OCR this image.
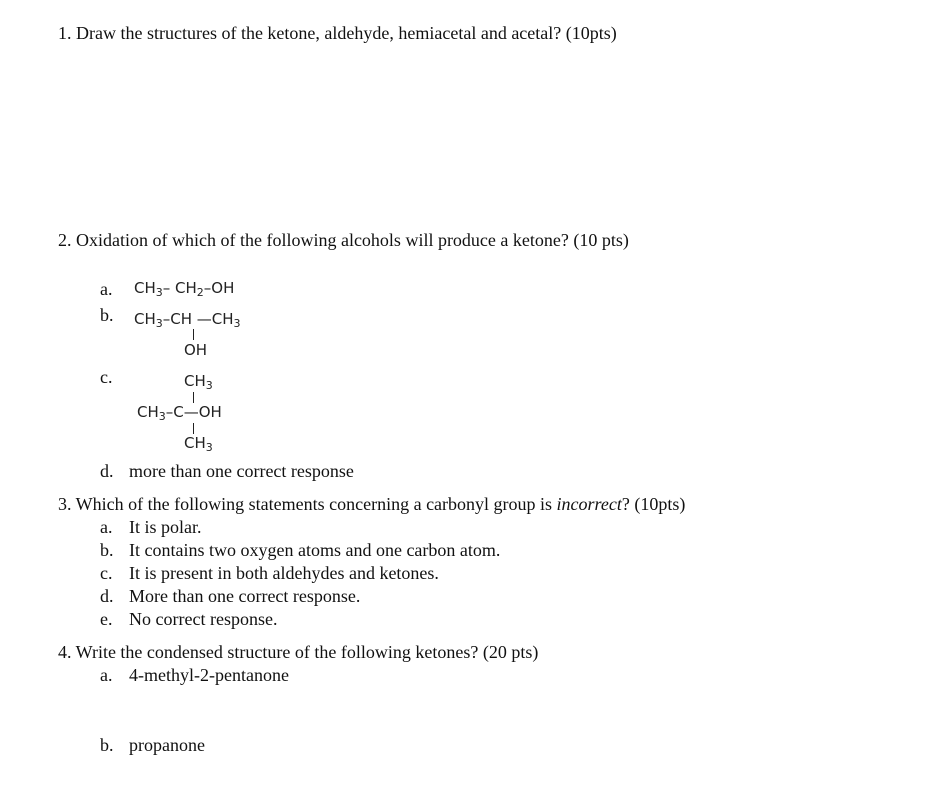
1. Draw the structures of the ketone, aldehyde, hemiacetal and acetal? (10pts)
2. Oxidation of which of the following alcohols will produce a ketone? (10 pts)
a. $CH_3-$ $CH_2-OH$
b. $CH_3-CH$ $—CH_3$
OH
c.	$CH_3$
$CH_3-C—OH$
$CH_3$
d. more than one correct response
3. Which of the following statements concerning a carbonyl group is incorrect? (10pts)
a. It is polar.
b. It contains two oxygen atoms and one carbon atom.
c. It is present in both aldehydes and ketones.
d. More than one correct response.
e. No correct response.
4. Write the condensed structure of the following ketones? (20 pts)
a. 4-methyl-2-pentanone
b. propanone
